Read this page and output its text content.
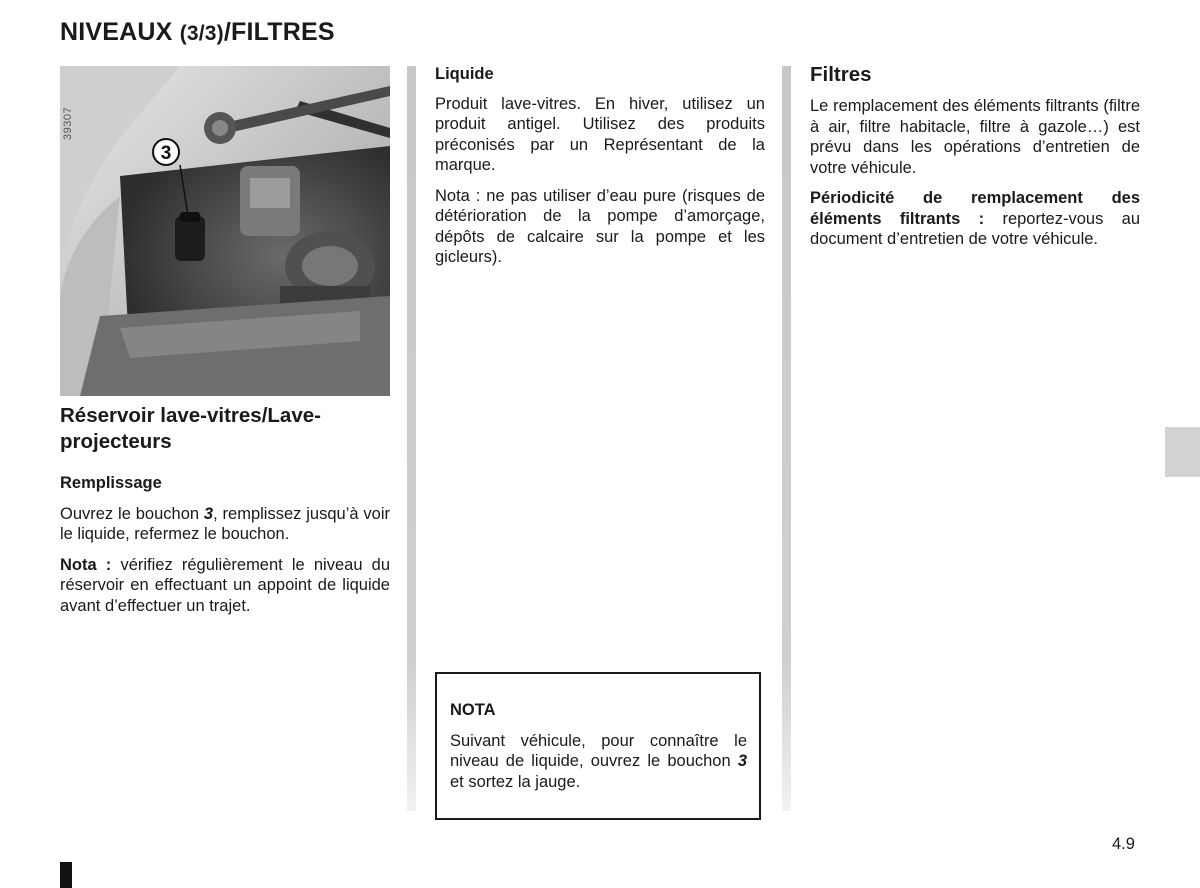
NIVEAUX (3/3)/FILTRES
3
39307
Réservoir lave-vitres/Lave-projecteurs
Remplissage

Ouvrez le bouchon 3, remplissez jusqu’à voir le liquide, refermez le bouchon.

Nota : vérifiez régulièrement le niveau du réservoir en effectuant un appoint de liquide avant d’effectuer un trajet.

Liquide

Produit lave-vitres. En hiver, utilisez un produit antigel. Utilisez des produits préconisés par un Représentant de la marque.

Nota : ne pas utiliser d’eau pure (risques de détérioration de la pompe d’amorçage, dépôts de calcaire sur la pompe et les gicleurs).

NOTA
Suivant véhicule, pour connaître le niveau de liquide, ouvrez le bouchon 3 et sortez la jauge.
Filtres

Le remplacement des éléments filtrants (filtre à air, filtre habitacle, filtre à gazole…) est prévu dans les opérations d’entretien de votre véhicule.

Périodicité de remplacement des éléments filtrants : reportez-vous au document d’entretien de votre véhicule.

4.9
